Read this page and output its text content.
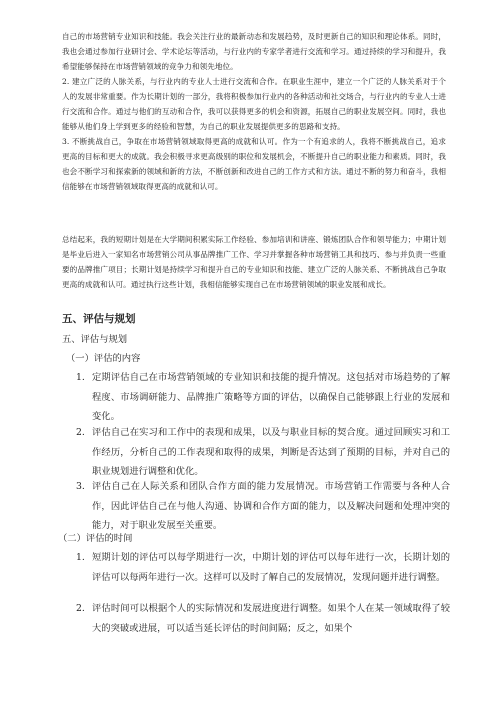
自己的市场营销专业知识和技能。我会关注行业的最新动态和发展趋势，及时更新自己的知识和理论体系。同时，我也会通过参加行业研讨会、学术论坛等活动，与行业内的专家学者进行交流和学习。通过持续的学习和提升，我希望能够保持在市场营销领域的竞争力和领先地位。
2. 建立广泛的人脉关系，与行业内的专业人士进行交流和合作。在职业生涯中，建立一个广泛的人脉关系对于个人的发展非常重要。作为长期计划的一部分，我将积极参加行业内的各种活动和社交场合，与行业内的专业人士进行交流和合作。通过与他们的互动和合作，我可以获得更多的机会和资源，拓展自己的职业发展空间。同时，我也能够从他们身上学到更多的经验和智慧，为自己的职业发展提供更多的思路和支持。
3. 不断挑战自己，争取在市场营销领域取得更高的成就和认可。作为一个有追求的人，我将不断挑战自己，追求更高的目标和更大的成就。我会积极寻求更高级别的职位和发展机会，不断提升自己的职业能力和素质。同时，我也会不断学习和探索新的领域和新的方法，不断创新和改进自己的工作方式和方法。通过不断的努力和奋斗，我相信能够在市场营销领域取得更高的成就和认可。
总结起来，我的短期计划是在大学期间积累实际工作经验、参加培训和讲座、锻炼团队合作和领导能力；中期计划是毕业后进入一家知名市场营销公司从事品牌推广工作、学习并掌握各种市场营销工具和技巧、参与并负责一些重要的品牌推广项目；长期计划是持续学习和提升自己的专业知识和技能、建立广泛的人脉关系、不断挑战自己争取更高的成就和认可。通过执行这些计划，我相信能够实现自己在市场营销领域的职业发展和成长。
五、评估与规划
五、评估与规划
（一）评估的内容
1. 定期评估自己在市场营销领域的专业知识和技能的提升情况。这包括对市场趋势的了解程度、市场调研能力、品牌推广策略等方面的评估，以确保自己能够跟上行业的发展和变化。
2. 评估自己在实习和工作中的表现和成果，以及与职业目标的契合度。通过回顾实习和工作经历，分析自己的工作表现和取得的成果，判断是否达到了预期的目标，并对自己的职业规划进行调整和优化。
3. 评估自己在人际关系和团队合作方面的能力发展情况。市场营销工作需要与各种人合作，因此评估自己在与他人沟通、协调和合作方面的能力，以及解决问题和处理冲突的能力，对于职业发展至关重要。
（二）评估的时间
1. 短期计划的评估可以每学期进行一次，中期计划的评估可以每年进行一次，长期计划的评估可以每两年进行一次。这样可以及时了解自己的发展情况，发现问题并进行调整。
2. 评估时间可以根据个人的实际情况和发展进度进行调整。如果个人在某一领域取得了较大的突破或进展，可以适当延长评估的时间间隔；反之，如果个
